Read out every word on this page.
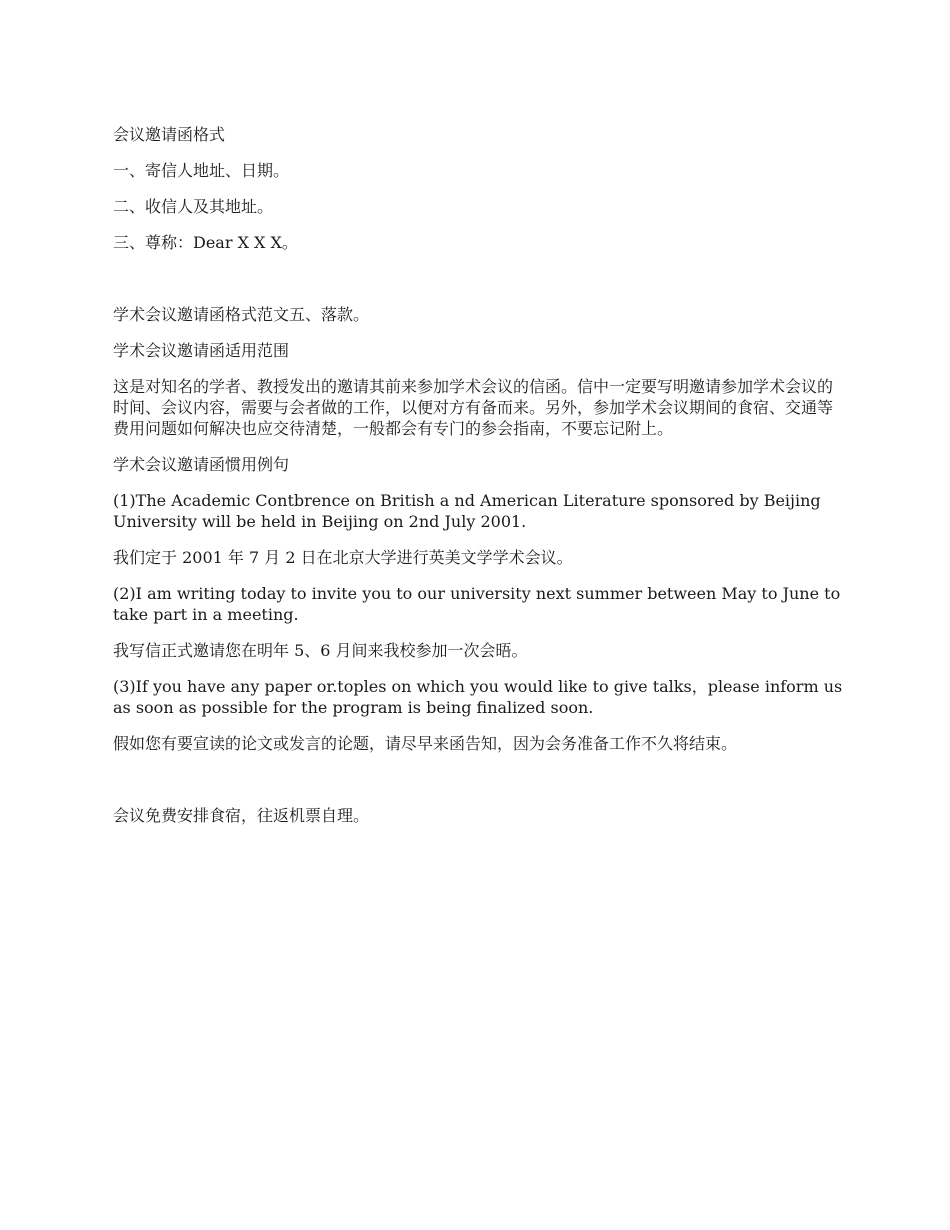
会议邀请函格式

一、寄信人地址、日期。

二、收信人及其地址。

三、尊称：Dear X X X。

学术会议邀请函格式范文五、落款。

学术会议邀请函适用范围

这是对知名的学者、教授发出的邀请其前来参加学术会议的信函。信中一定要写明邀请参加学术会议的时间、会议内容，需要与会者做的工作，以便对方有备而来。另外，参加学术会议期间的食宿、交通等费用问题如何解决也应交待清楚，一般都会有专门的参会指南，不要忘记附上。

学术会议邀请函惯用例句

(1)The Academic Contbrence on British a nd American Literature sponsored by Beijing University will be held in Beijing on 2nd July 2001.

我们定于 2001 年 7 月 2 日在北京大学进行英美文学学术会议。

(2)I am writing today to invite you to our university next summer between May to June to take part in a meeting.

我写信正式邀请您在明年 5、6 月间来我校参加一次会晤。

(3)If you have any paper or.toples on which you would like to give talks，please inform us as soon as possible for the program is being finalized soon.

假如您有要宣读的论文或发言的论题，请尽早来函告知，因为会务准备工作不久将结束。

会议免费安排食宿，往返机票自理。
